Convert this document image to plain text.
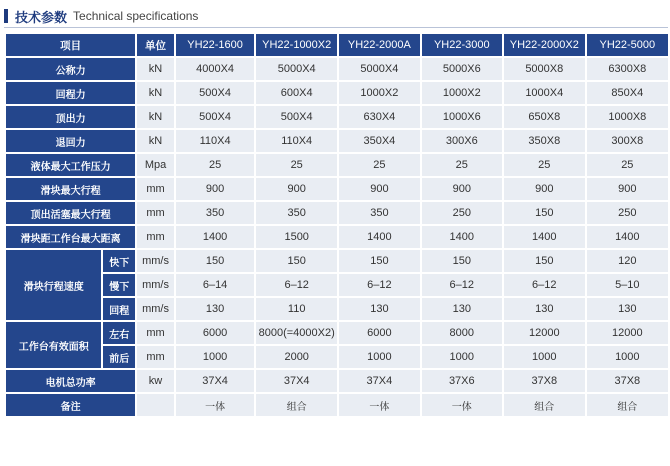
技术参数 Technical specifications
项目		单位	YH22-1600	YH22-1000X2	YH22-2000A	YH22-3000	YH22-2000X2	YH22-5000
公称力		kN	4000X4	5000X4	5000X4	5000X6	5000X8	6300X8
回程力		kN	500X4	600X4	1000X2	1000X2	1000X4	850X4
顶出力		kN	500X4	500X4	630X4	1000X6	650X8	1000X8
退回力		kN	110X4	110X4	350X4	300X6	350X8	300X8
液体最大工作压力		Mpa	25	25	25	25	25	25
滑块最大行程		mm	900	900	900	900	900	900
顶出活塞最大行程		mm	350	350	350	250	150	250
滑块距工作台最大距离		mm	1400	1500	1400	1400	1400	1400
滑块行程速度	快下	mm/s	150	150	150	150	150	120
	慢下	mm/s	6–14	6–12	6–12	6–12	6–12	5–10
	回程	mm/s	130	110	130	130	130	130
工作台有效面积	左右	mm	6000	8000(=4000X2)	6000	8000	12000	12000
	前后	mm	1000	2000	1000	1000	1000	1000
电机总功率		kw	37X4	37X4	37X4	37X6	37X8	37X8
备注			一体	组合	一体	一体	组合	组合
